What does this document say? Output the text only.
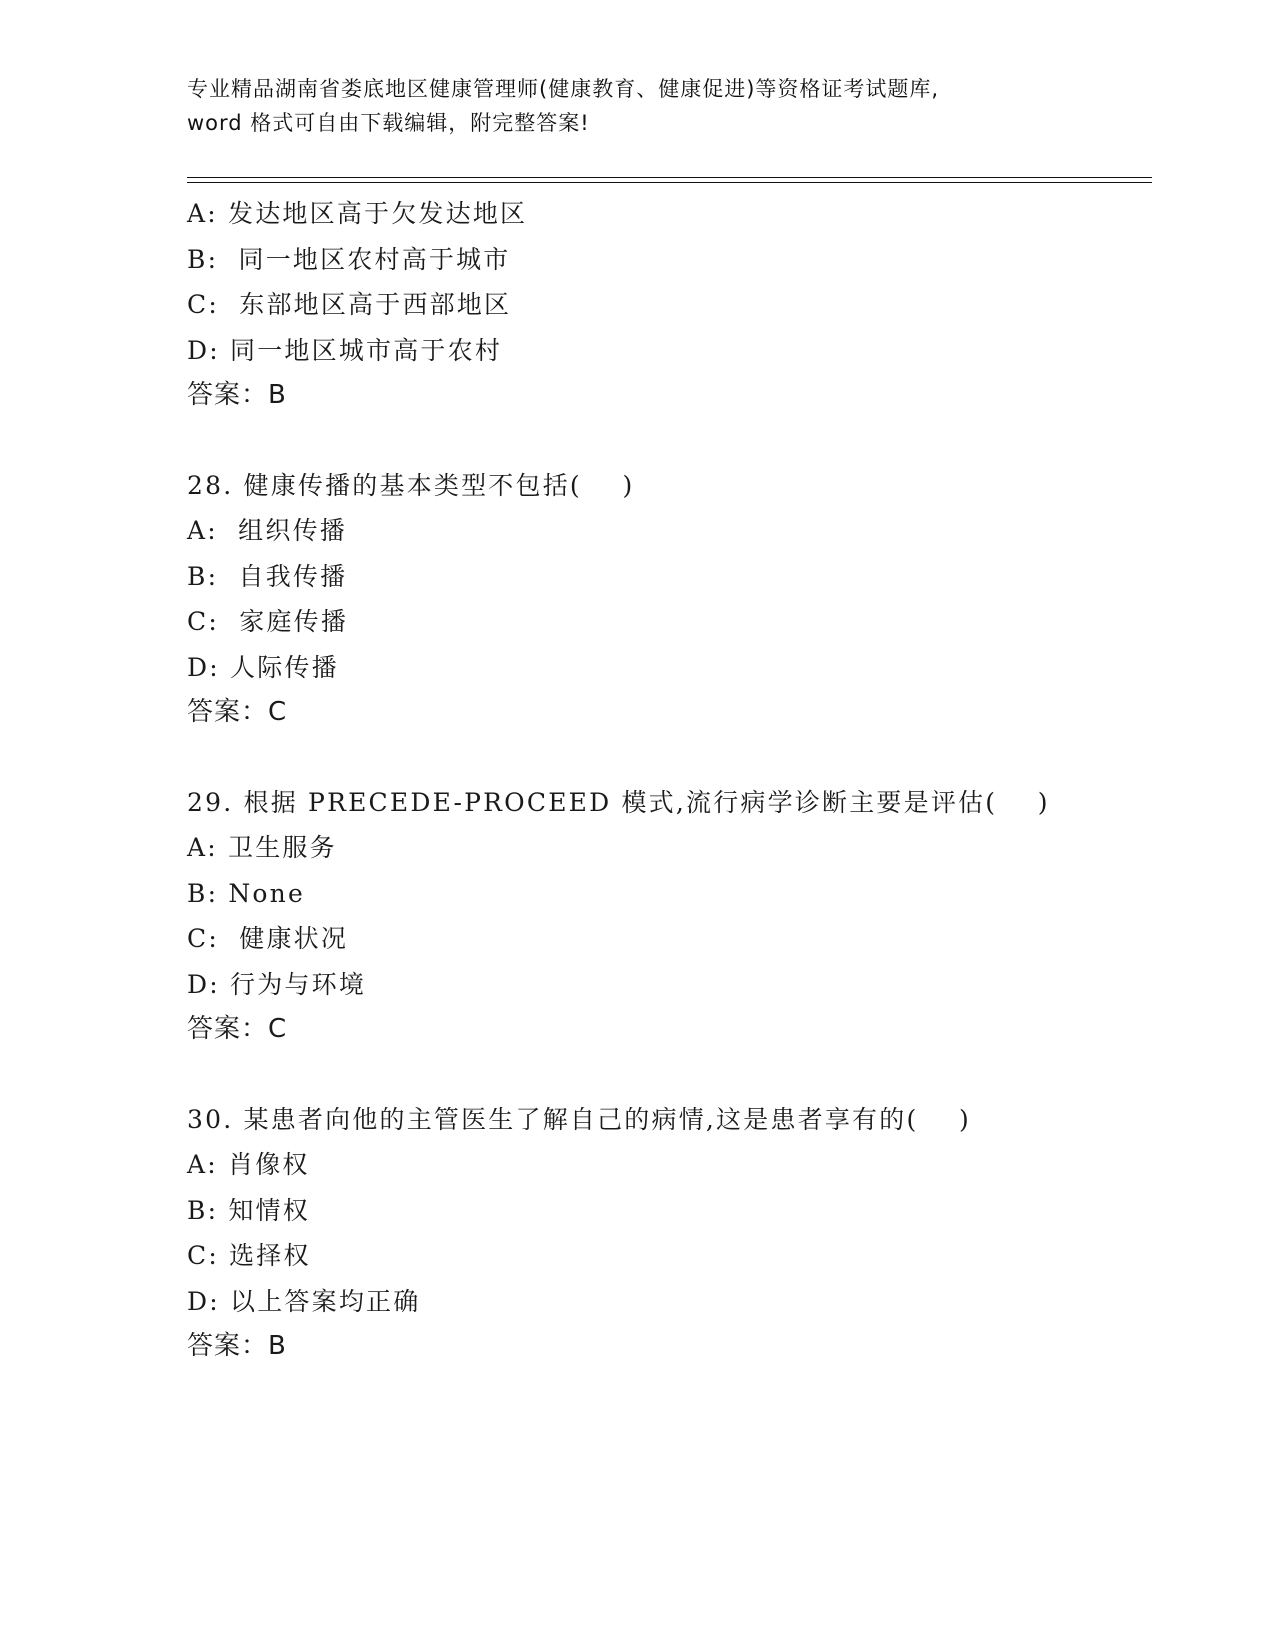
专业精品湖南省娄底地区健康管理师(健康教育、健康促进)等资格证考试题库,
word 格式可自由下载编辑，附完整答案!
A: 发达地区高于欠发达地区
B:  同一地区农村高于城市
C:  东部地区高于西部地区
D: 同一地区城市高于农村
答案：B
28. 健康传播的基本类型不包括(    )
A:  组织传播
B:  自我传播
C:  家庭传播
D: 人际传播
答案：C
29. 根据 PRECEDE-PROCEED 模式,流行病学诊断主要是评估(    )
A: 卫生服务
B: None
C:  健康状况
D: 行为与环境
答案：C
30. 某患者向他的主管医生了解自己的病情,这是患者享有的(    )
A: 肖像权
B: 知情权
C: 选择权
D: 以上答案均正确
答案：B
